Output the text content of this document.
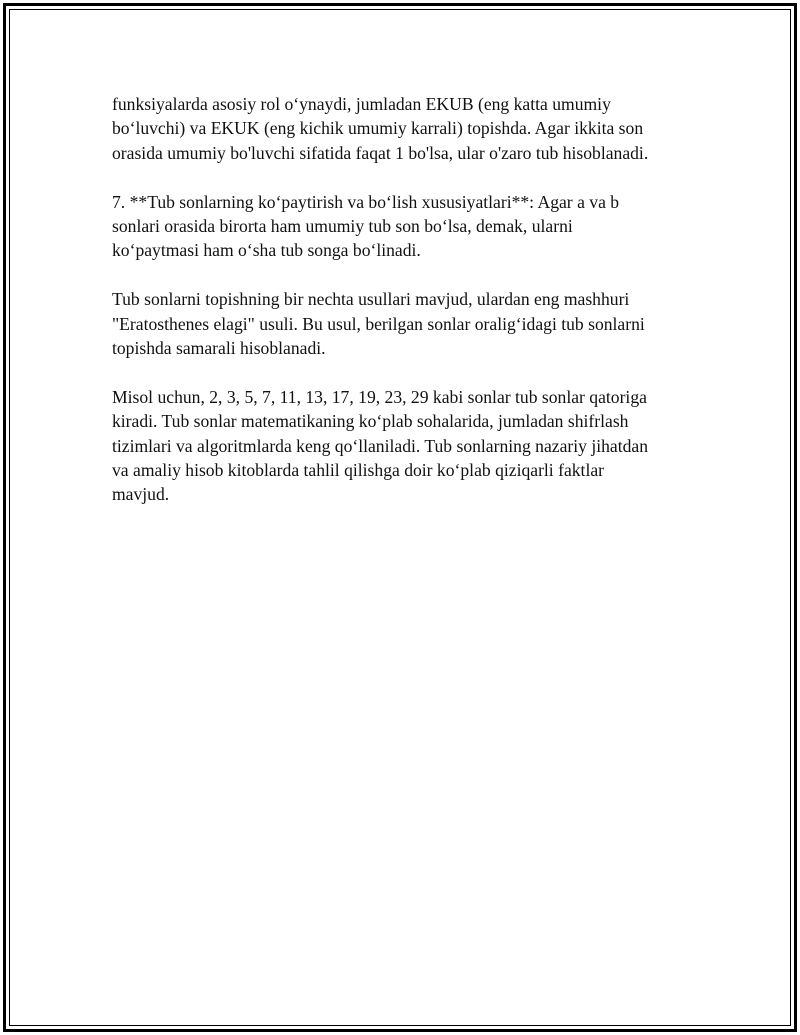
funksiyalarda asosiy rol o‘ynaydi, jumladan EKUB (eng katta umumiy
bo‘luvchi) va EKUK (eng kichik umumiy karrali) topishda. Agar ikkita son
orasida umumiy bo'luvchi sifatida faqat 1 bo'lsa, ular o'zaro tub hisoblanadi.

7. **Tub sonlarning ko‘paytirish va bo‘lish xususiyatlari**: Agar a va b
sonlari orasida birorta ham umumiy tub son bo‘lsa, demak, ularni
ko‘paytmasi ham o‘sha tub songa bo‘linadi.

Tub sonlarni topishning bir nechta usullari mavjud, ulardan eng mashhuri
"Eratosthenes elagi" usuli. Bu usul, berilgan sonlar oralig‘idagi tub sonlarni
topishda samarali hisoblanadi.

Misol uchun, 2, 3, 5, 7, 11, 13, 17, 19, 23, 29 kabi sonlar tub sonlar qatoriga
kiradi. Tub sonlar matematikaning ko‘plab sohalarida, jumladan shifrlash
tizimlari va algoritmlarda keng qo‘llaniladi. Tub sonlarning nazariy jihatdan
va amaliy hisob kitoblarda tahlil qilishga doir ko‘plab qiziqarli faktlar
mavjud.
